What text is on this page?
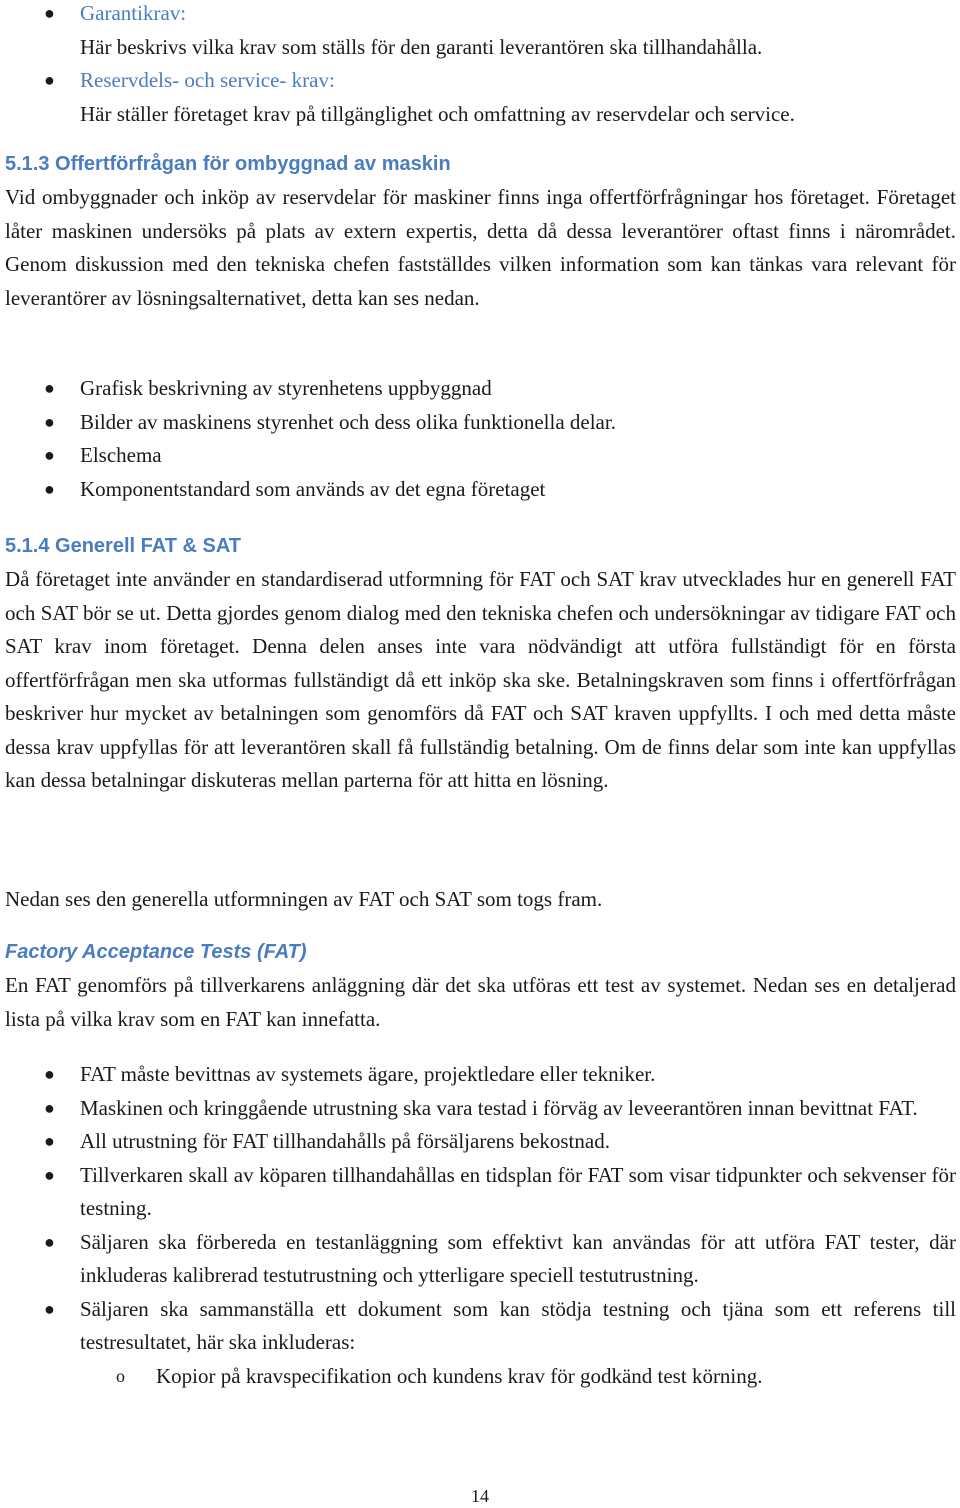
● Garantikrav:
Här beskrivs vilka krav som ställs för den garanti leverantören ska tillhandahålla.
● Reservdels- och service- krav:
Här ställer företaget krav på tillgänglighet och omfattning av reservdelar och service.
5.1.3 Offertförfrågan för ombyggnad av maskin

Vid ombyggnader och inköp av reservdelar för maskiner finns inga offertförfrågningar hos företaget. Företaget låter maskinen undersöks på plats av extern expertis, detta då dessa leverantörer oftast finns i närområdet. Genom diskussion med den tekniska chefen fastställdes vilken information som kan tänkas vara relevant för leverantörer av lösningsalternativet, detta kan ses nedan.

● Grafisk beskrivning av styrenhetens uppbyggnad
● Bilder av maskinens styrenhet och dess olika funktionella delar.
● Elschema
● Komponentstandard som används av det egna företaget
5.1.4 Generell FAT & SAT

Då företaget inte använder en standardiserad utformning för FAT och SAT krav utvecklades hur en generell FAT och SAT bör se ut. Detta gjordes genom dialog med den tekniska chefen och undersökningar av tidigare FAT och SAT krav inom företaget. Denna delen anses inte vara nödvändigt att utföra fullständigt för en första offertförfrågan men ska utformas fullständigt då ett inköp ska ske. Betalningskraven som finns i offertförfrågan beskriver hur mycket av betalningen som genomförs då FAT och SAT kraven uppfyllts. I och med detta måste dessa krav uppfyllas för att leverantören skall få fullständig betalning. Om de finns delar som inte kan uppfyllas kan dessa betalningar diskuteras mellan parterna för att hitta en lösning.

Nedan ses den generella utformningen av FAT och SAT som togs fram.

Factory Acceptance Tests (FAT)

En FAT genomförs på tillverkarens anläggning där det ska utföras ett test av systemet. Nedan ses en detaljerad lista på vilka krav som en FAT kan innefatta.

● FAT måste bevittnas av systemets ägare, projektledare eller tekniker.
● Maskinen och kringgående utrustning ska vara testad i förväg av leveerantören innan bevittnat FAT.
● All utrustning för FAT tillhandahålls på försäljarens bekostnad.
● Tillverkaren skall av köparen tillhandahållas en tidsplan för FAT som visar tidpunkter och sekvenser för testning.
● Säljaren ska förbereda en testanläggning som effektivt kan användas för att utföra FAT tester, där inkluderas kalibrerad testutrustning och ytterligare speciell testutrustning.
● Säljaren ska sammanställa ett dokument som kan stödja testning och tjäna som ett referens till testresultatet, här ska inkluderas:
o Kopior på kravspecifikation och kundens krav för godkänd test körning.
14
